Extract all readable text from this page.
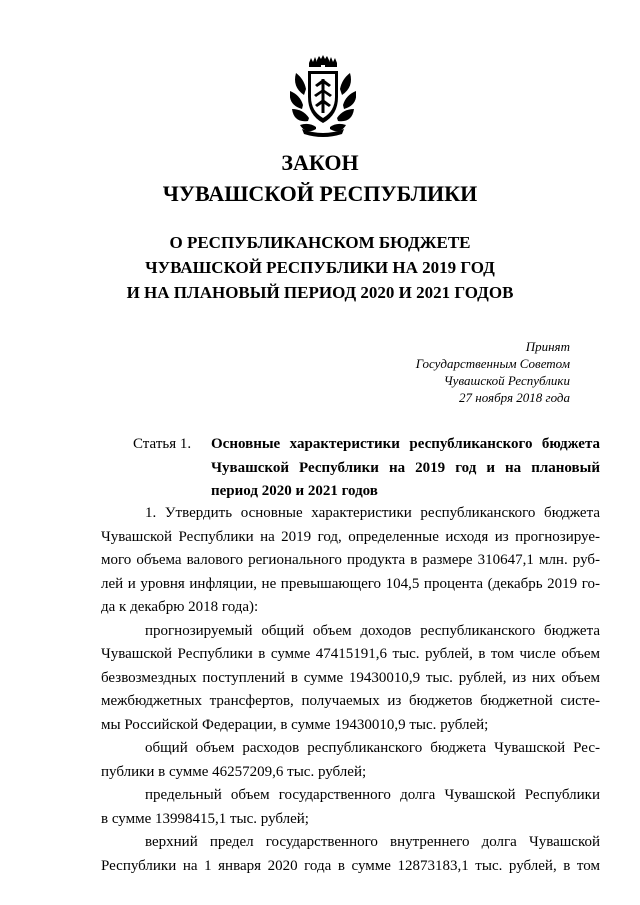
ЗАКОН
ЧУВАШСКОЙ РЕСПУБЛИКИ
О РЕСПУБЛИКАНСКОМ БЮДЖЕТЕ
ЧУВАШСКОЙ РЕСПУБЛИКИ НА 2019 ГОД
И НА ПЛАНОВЫЙ ПЕРИОД 2020 И 2021 ГОДОВ
Принят
Государственным Советом
Чувашской Республики
27 ноября 2018 года
Статья 1. Основные характеристики республиканского бюджета
Чувашской Республики на 2019 год и на плановый
период 2020 и 2021 годов
1. Утвердить основные характеристики республиканского бюджета
Чувашской Республики на 2019 год, определенные исходя из прогнозируе-
мого объема валового регионального продукта в размере 310647,1 млн. руб-
лей и уровня инфляции, не превышающего 104,5 процента (декабрь 2019 го-
да к декабрю 2018 года):
прогнозируемый общий объем доходов республиканского бюджета
Чувашской Республики в сумме 47415191,6 тыс. рублей, в том числе объем
безвозмездных поступлений в сумме 19430010,9 тыс. рублей, из них объем
межбюджетных трансфертов, получаемых из бюджетов бюджетной систе-
мы Российской Федерации, в сумме 19430010,9 тыс. рублей;
общий объем расходов республиканского бюджета Чувашской Рес-
публики в сумме 46257209,6 тыс. рублей;
предельный объем государственного долга Чувашской Республики
в сумме 13998415,1 тыс. рублей;
верхний предел государственного внутреннего долга Чувашской
Республики на 1 января 2020 года в сумме 12873183,1 тыс. рублей, в том
